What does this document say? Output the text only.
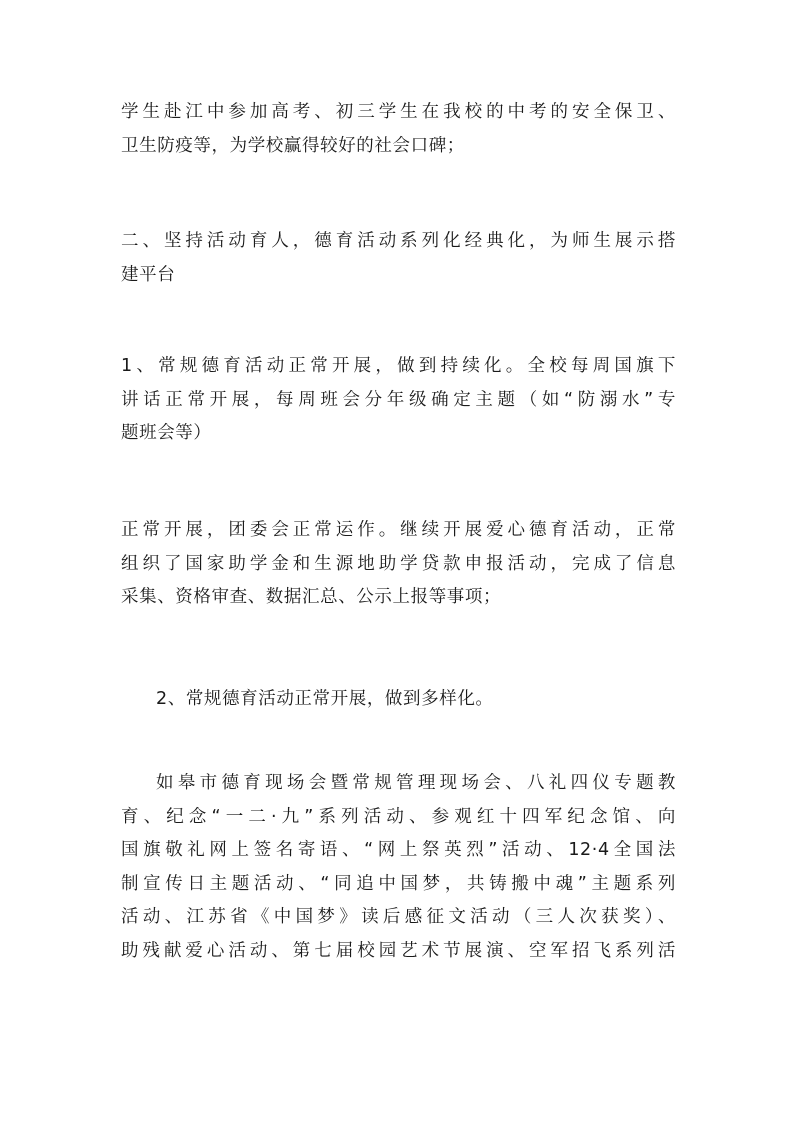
学生赴江中参加高考、初三学生在我校的中考的安全保卫、
卫生防疫等，为学校赢得较好的社会口碑；
二、坚持活动育人，德育活动系列化经典化，为师生展示搭
建平台
1、常规德育活动正常开展，做到持续化。全校每周国旗下
讲话正常开展，每周班会分年级确定主题（如“防溺水”专
题班会等）
正常开展，团委会正常运作。继续开展爱心德育活动，正常
组织了国家助学金和生源地助学贷款申报活动，完成了信息
采集、资格审查、数据汇总、公示上报等事项；
2、常规德育活动正常开展，做到多样化。
如皋市德育现场会暨常规管理现场会、八礼四仪专题教
育、纪念“一二·九”系列活动、参观红十四军纪念馆、向
国旗敬礼网上签名寄语、“网上祭英烈”活动、12·4全国法
制宣传日主题活动、“同追中国梦，共铸搬中魂”主题系列
活动、江苏省《中国梦》读后感征文活动（三人次获奖）、
助残献爱心活动、第七届校园艺术节展演、空军招飞系列活
